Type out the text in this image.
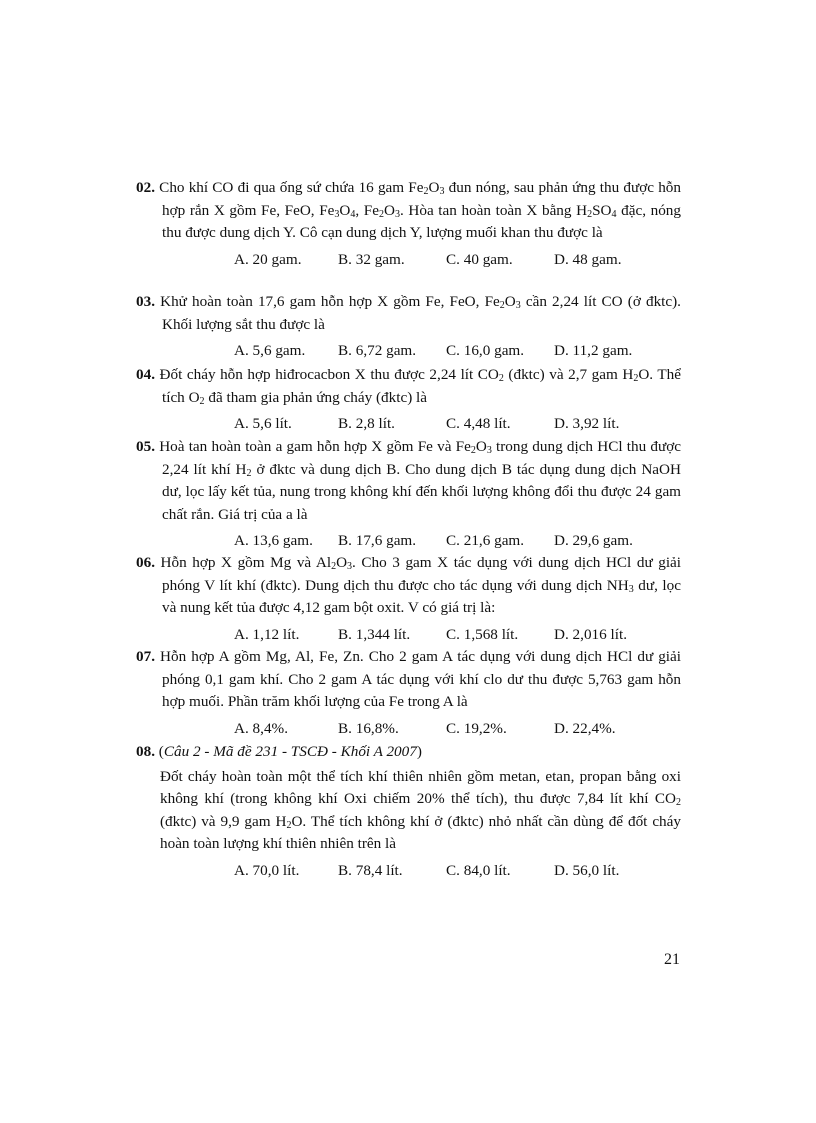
02. Cho khí CO đi qua ống sứ chứa 16 gam $Fe_2O_3$ đun nóng, sau phản ứng thu được hỗn hợp rắn X gồm Fe, FeO, $Fe_3O_4$, $Fe_2O_3$. Hòa tan hoàn toàn X bằng $H_2SO_4$ đặc, nóng thu được dung dịch Y. Cô cạn dung dịch Y, lượng muối khan thu được là
A. 20 gam. B. 32 gam.	C. 40 gam.	D. 48 gam.
03. Khử hoàn toàn 17,6 gam hỗn hợp X gồm Fe, FeO, $Fe_2O_3$ cần 2,24 lít CO (ở đktc). Khối lượng sắt thu được là
A. 5,6 gam. B. 6,72 gam. C. 16,0 gam. D. 11,2 gam.
04. Đốt cháy hỗn hợp hiđrocacbon X thu được 2,24 lít $CO_2$ (đktc) và 2,7 gam $H_2O$. Thể tích $O_2$ đã tham gia phản ứng cháy (đktc) là
A. 5,6 lít.	B. 2,8 lít.	C. 4,48 lít.	D. 3,92 lít.
05. Hoà tan hoàn toàn a gam hỗn hợp X gồm Fe và $Fe_2O_3$ trong dung dịch HCl thu được 2,24 lít khí $H_2$ ở đktc và dung dịch B. Cho dung dịch B tác dụng dung dịch NaOH dư, lọc lấy kết tủa, nung trong không khí đến khối lượng không đổi thu được 24 gam chất rắn. Giá trị của a là
A. 13,6 gam. B. 17,6 gam. C. 21,6 gam. D. 29,6 gam.
06. Hỗn hợp X gồm Mg và $Al_2O_3$. Cho 3 gam X tác dụng với dung dịch HCl dư giải phóng V lít khí (đktc). Dung dịch thu được cho tác dụng với dung dịch $NH_3$ dư, lọc và nung kết tủa được 4,12 gam bột oxit. V có giá trị là:
A. 1,12 lít.	B. 1,344 lít. C. 1,568 lít. D. 2,016 lít.
07. Hỗn hợp A gồm Mg, Al, Fe, Zn. Cho 2 gam A tác dụng với dung dịch HCl dư giải phóng 0,1 gam khí. Cho 2 gam A tác dụng với khí clo dư thu được 5,763 gam hỗn hợp muối. Phần trăm khối lượng của Fe trong A là
A. 8,4%.	B. 16,8%.	C. 19,2%.	D. 22,4%.
08. (Câu 2 - Mã đề 231 - TSCĐ - Khối A 2007)
Đốt cháy hoàn toàn một thể tích khí thiên nhiên gồm metan, etan, propan bằng oxi không khí (trong không khí Oxi chiếm 20% thể tích), thu được 7,84 lít khí $CO_2$ (đktc) và 9,9 gam $H_2O$. Thể tích không khí ở (đktc) nhỏ nhất cần dùng để đốt cháy hoàn toàn lượng khí thiên nhiên trên là
A. 70,0 lít.	B. 78,4 lít.	C. 84,0 lít.	D. 56,0 lít.
21
